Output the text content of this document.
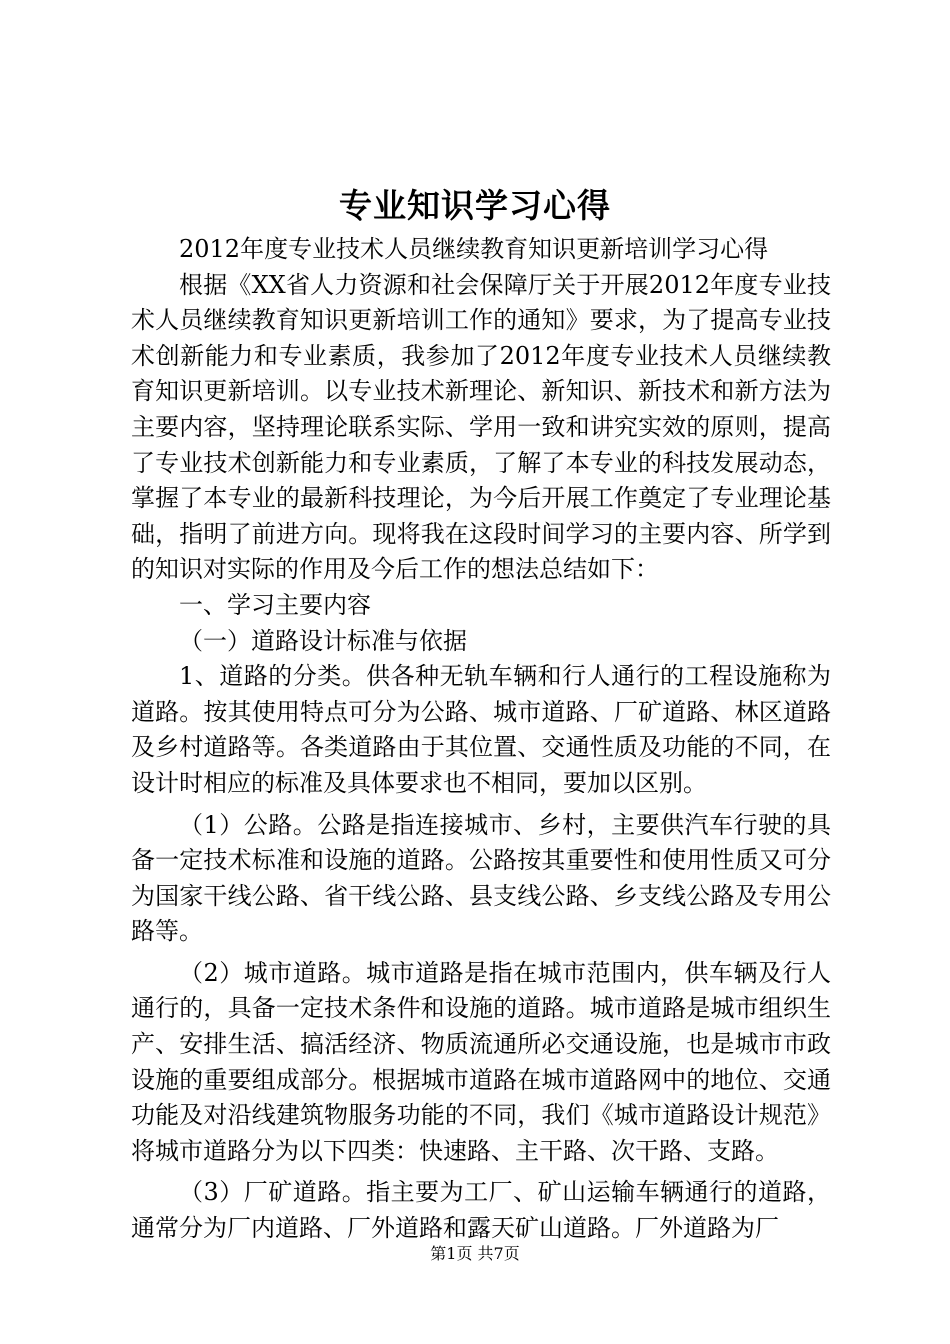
专业知识学习心得

2012年度专业技术人员继续教育知识更新培训学习心得

根据《XX省人力资源和社会保障厅关于开展2012年度专业技术人员继续教育知识更新培训工作的通知》要求，为了提高专业技术创新能力和专业素质，我参加了2012年度专业技术人员继续教育知识更新培训。以专业技术新理论、新知识、新技术和新方法为主要内容，坚持理论联系实际、学用一致和讲究实效的原则，提高了专业技术创新能力和专业素质，了解了本专业的科技发展动态，掌握了本专业的最新科技理论，为今后开展工作奠定了专业理论基础，指明了前进方向。现将我在这段时间学习的主要内容、所学到的知识对实际的作用及今后工作的想法总结如下：

一、学习主要内容

（一）道路设计标准与依据

1、道路的分类。供各种无轨车辆和行人通行的工程设施称为道路。按其使用特点可分为公路、城市道路、厂矿道路、林区道路及乡村道路等。各类道路由于其位置、交通性质及功能的不同，在设计时相应的标准及具体要求也不相同，要加以区别。

（1）公路。公路是指连接城市、乡村，主要供汽车行驶的具备一定技术标准和设施的道路。公路按其重要性和使用性质又可分为国家干线公路、省干线公路、县支线公路、乡支线公路及专用公路等。

（2）城市道路。城市道路是指在城市范围内，供车辆及行人通行的，具备一定技术条件和设施的道路。城市道路是城市组织生产、安排生活、搞活经济、物质流通所必交通设施，也是城市市政设施的重要组成部分。根据城市道路在城市道路网中的地位、交通功能及对沿线建筑物服务功能的不同，我们《城市道路设计规范》将城市道路分为以下四类：快速路、主干路、次干路、支路。

（3）厂矿道路。指主要为工厂、矿山运输车辆通行的道路，通常分为厂内道路、厂外道路和露天矿山道路。厂外道路为厂

第1页 共7页
